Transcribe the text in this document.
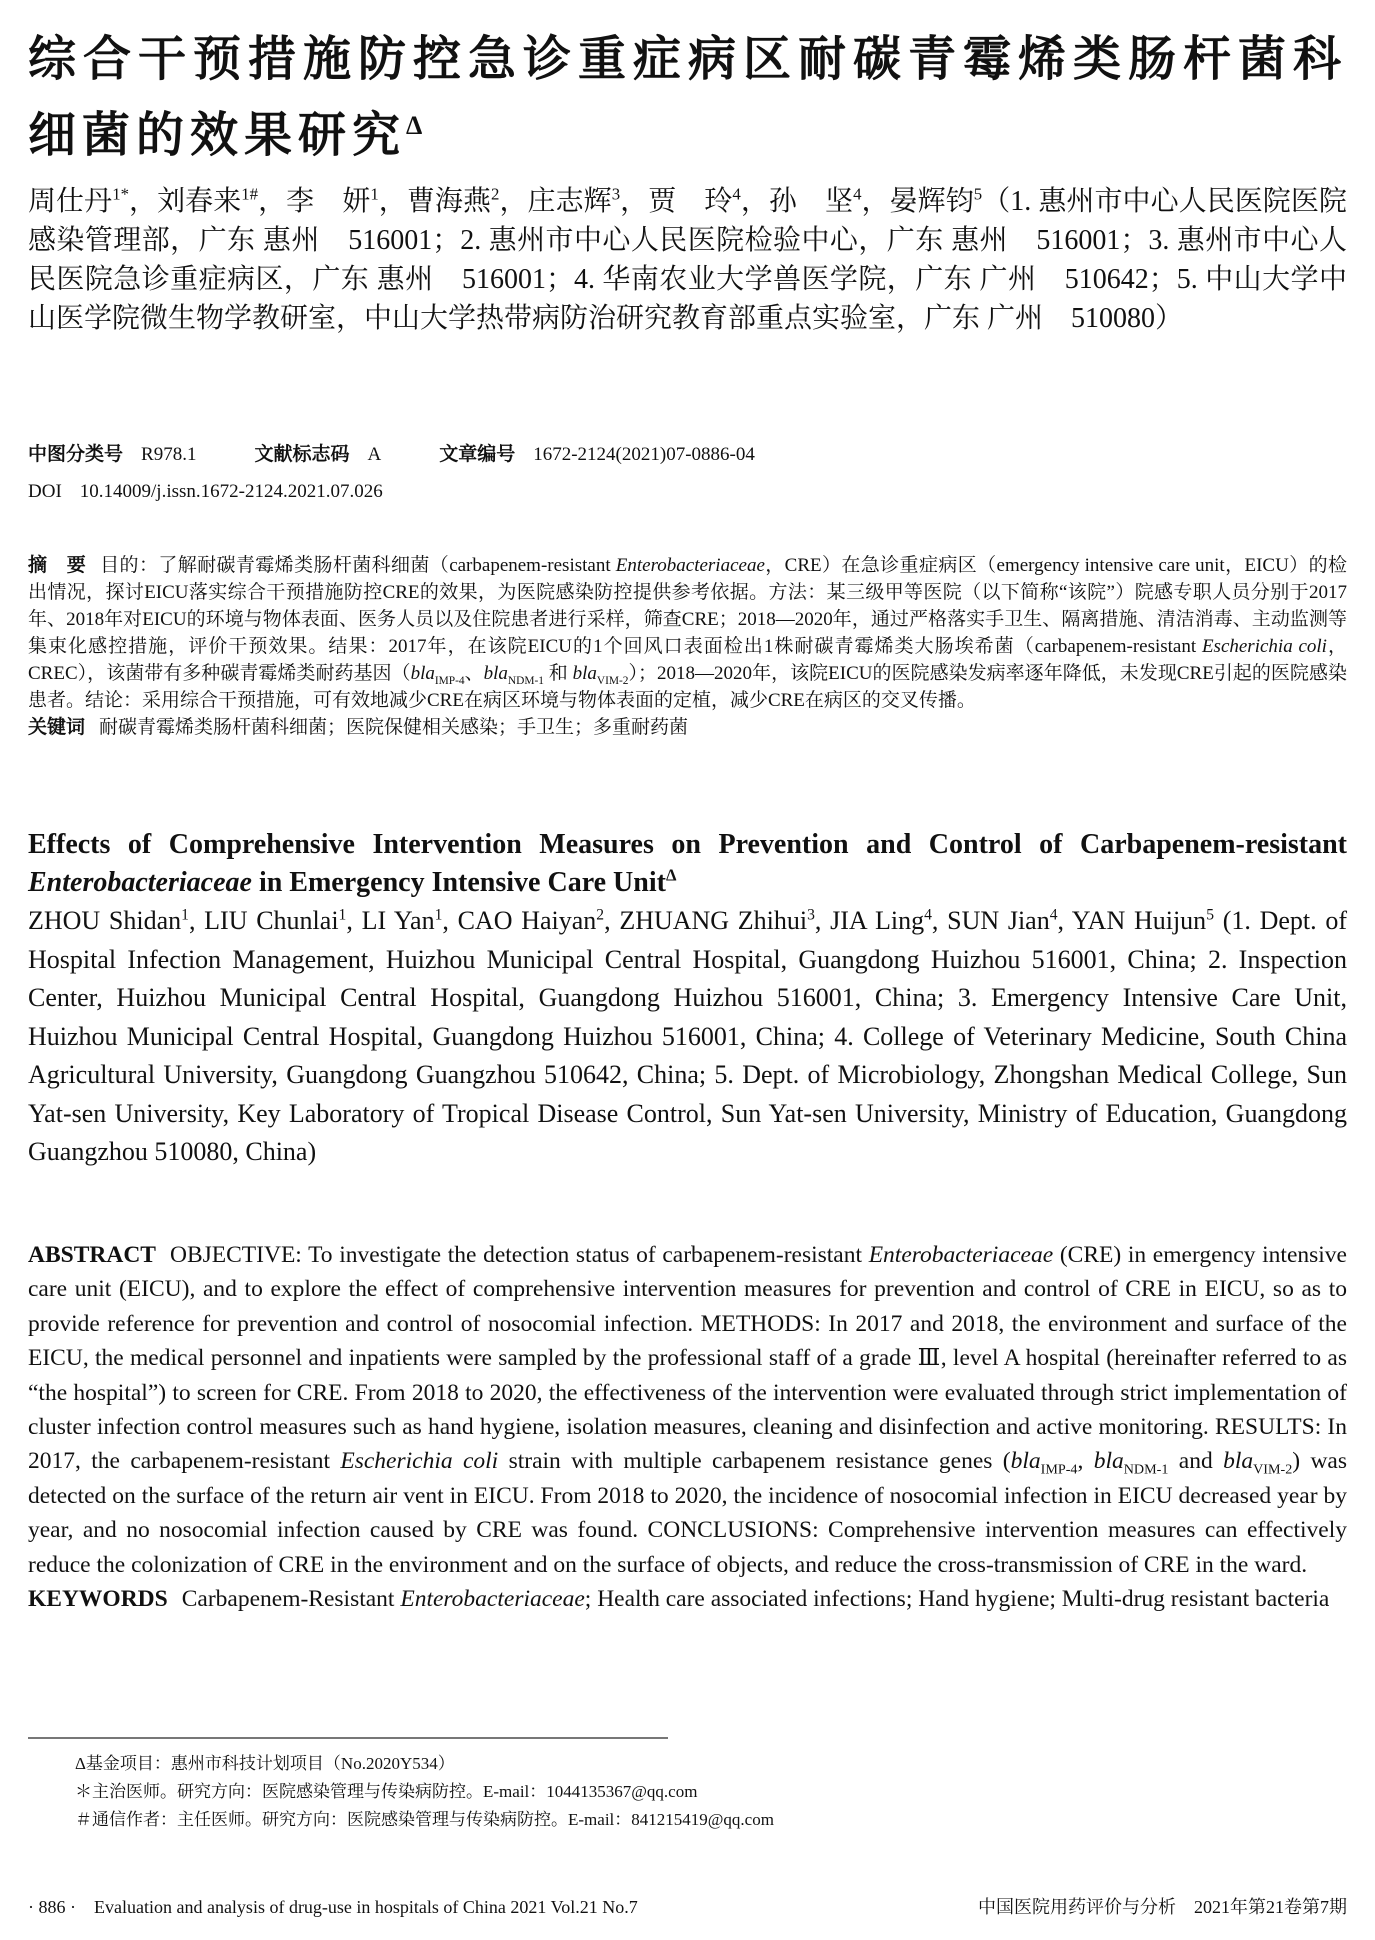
综合干预措施防控急诊重症病区耐碳青霉烯类肠杆菌科细菌的效果研究$^\Delta$
周仕丹$^{1*}$，刘春来$^{1\#}$，李　妍$^1$，曹海燕$^2$，庄志辉$^3$，贾　玲$^4$，孙　坚$^4$，晏辉钧$^5$（1. 惠州市中心人民医院医院感染管理部，广东 惠州　516001；2. 惠州市中心人民医院检验中心，广东 惠州　516001；3. 惠州市中心人民医院急诊重症病区，广东 惠州　516001；4. 华南农业大学兽医学院，广东 广州　510642；5. 中山大学中山医学院微生物学教研室，中山大学热带病防治研究教育部重点实验室，广东 广州　510080）
中图分类号 R978.1	文献标志码 A	文章编号 1672-2124(2021)07-0886-04
DOI 10.14009/j.issn.1672-2124.2021.07.026
摘　要 目的：了解耐碳青霉烯类肠杆菌科细菌（carbapenem-resistant Enterobacteriaceae，CRE）在急诊重症病区（emergency intensive care unit，EICU）的检出情况，探讨EICU落实综合干预措施防控CRE的效果，为医院感染防控提供参考依据。方法：某三级甲等医院（以下简称“该院”）院感专职人员分别于2017年、2018年对EICU的环境与物体表面、医务人员以及住院患者进行采样，筛查CRE；2018—2020年，通过严格落实手卫生、隔离措施、清洁消毒、主动监测等集束化感控措施，评价干预效果。结果：2017年，在该院EICU的1个回风口表面检出1株耐碳青霉烯类大肠埃希菌（carbapenem-resistant Escherichia coli，CREC），该菌带有多种碳青霉烯类耐药基因（bla$_{IMP-4}$、bla$_{NDM-1}$ 和 bla$_{VIM-2}$）；2018—2020年，该院EICU的医院感染发病率逐年降低，未发现CRE引起的医院感染患者。结论：采用综合干预措施，可有效地减少CRE在病区环境与物体表面的定植，减少CRE在病区的交叉传播。
关键词 耐碳青霉烯类肠杆菌科细菌；医院保健相关感染；手卫生；多重耐药菌
Effects of Comprehensive Intervention Measures on Prevention and Control of Carbapenem-resistant Enterobacteriaceae in Emergency Intensive Care Unit$^\Delta$
ZHOU Shidan$^1$, LIU Chunlai$^1$, LI Yan$^1$, CAO Haiyan$^2$, ZHUANG Zhihui$^3$, JIA Ling$^4$, SUN Jian$^4$, YAN Huijun$^5$ (1. Dept. of Hospital Infection Management, Huizhou Municipal Central Hospital, Guangdong Huizhou 516001, China; 2. Inspection Center, Huizhou Municipal Central Hospital, Guangdong Huizhou 516001, China; 3. Emergency Intensive Care Unit, Huizhou Municipal Central Hospital, Guangdong Huizhou 516001, China; 4. College of Veterinary Medicine, South China Agricultural University, Guangdong Guangzhou 510642, China; 5. Dept. of Microbiology, Zhongshan Medical College, Sun Yat-sen University, Key Laboratory of Tropical Disease Control, Sun Yat-sen University, Ministry of Education, Guangdong Guangzhou 510080, China)
ABSTRACT OBJECTIVE: To investigate the detection status of carbapenem-resistant Enterobacteriaceae (CRE) in emergency intensive care unit (EICU), and to explore the effect of comprehensive intervention measures for prevention and control of CRE in EICU, so as to provide reference for prevention and control of nosocomial infection. METHODS: In 2017 and 2018, the environment and surface of the EICU, the medical personnel and inpatients were sampled by the professional staff of a grade Ⅲ, level A hospital (hereinafter referred to as “the hospital”) to screen for CRE. From 2018 to 2020, the effectiveness of the intervention were evaluated through strict implementation of cluster infection control measures such as hand hygiene, isolation measures, cleaning and disinfection and active monitoring. RESULTS: In 2017, the carbapenem-resistant Escherichia coli strain with multiple carbapenem resistance genes (bla$_{IMP-4}$, bla$_{NDM-1}$ and bla$_{VIM-2}$) was detected on the surface of the return air vent in EICU. From 2018 to 2020, the incidence of nosocomial infection in EICU decreased year by year, and no nosocomial infection caused by CRE was found. CONCLUSIONS: Comprehensive intervention measures can effectively reduce the colonization of CRE in the environment and on the surface of objects, and reduce the cross-transmission of CRE in the ward.
KEYWORDS Carbapenem-Resistant Enterobacteriaceae; Health care associated infections; Hand hygiene; Multi-drug resistant bacteria
Δ基金项目：惠州市科技计划项目（No.2020Y534）
＊主治医师。研究方向：医院感染管理与传染病防控。E-mail：1044135367@qq.com
＃通信作者：主任医师。研究方向：医院感染管理与传染病防控。E-mail：841215419@qq.com
· 886 ·　Evaluation and analysis of drug-use in hospitals of China 2021 Vol.21 No.7	中国医院用药评价与分析　2021年第21卷第7期
